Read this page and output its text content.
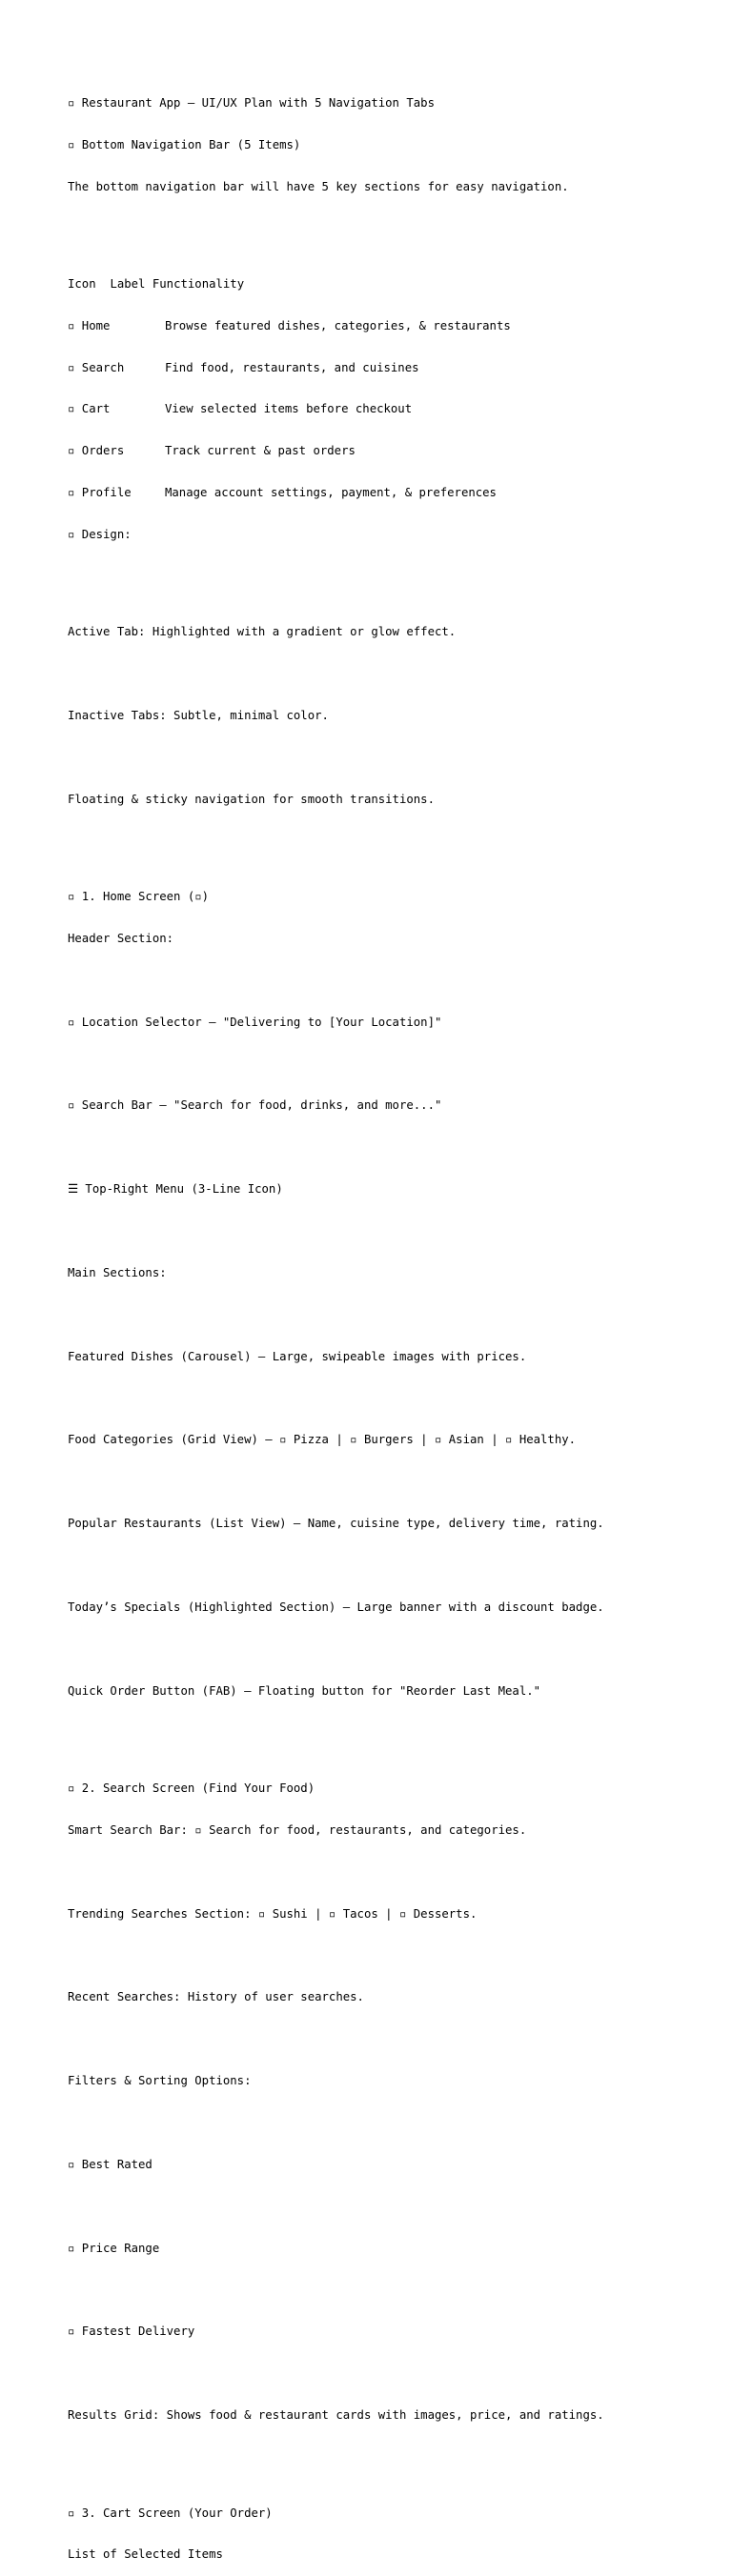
▫ Restaurant App – UI/UX Plan with 5 Navigation Tabs

▫ Bottom Navigation Bar (5 Items)

The bottom navigation bar will have 5 key sections for easy navigation.

Icon Label Functionality

▫ Home	Browse featured dishes, categories, & restaurants

▫ Search	Find food, restaurants, and cuisines

▫ Cart	View selected items before checkout

▫ Orders	Track current & past orders

▫ Profile	Manage account settings, payment, & preferences

▫ Design:

Active Tab: Highlighted with a gradient or glow effect.

Inactive Tabs: Subtle, minimal color.

Floating & sticky navigation for smooth transitions.

▫ 1. Home Screen (▫)

Header Section:

▫ Location Selector – "Delivering to [Your Location]"

▫ Search Bar – "Search for food, drinks, and more..."

☰ Top-Right Menu (3-Line Icon)

Main Sections:

Featured Dishes (Carousel) – Large, swipeable images with prices.

Food Categories (Grid View) – ▫ Pizza | ▫ Burgers | ▫ Asian | ▫ Healthy.

Popular Restaurants (List View) – Name, cuisine type, delivery time, rating.

Today’s Specials (Highlighted Section) – Large banner with a discount badge.

Quick Order Button (FAB) – Floating button for "Reorder Last Meal."

▫ 2. Search Screen (Find Your Food)

Smart Search Bar: ▫ Search for food, restaurants, and categories.

Trending Searches Section: ▫ Sushi | ▫ Tacos | ▫ Desserts.

Recent Searches: History of user searches.

Filters & Sorting Options:

▫ Best Rated

▫ Price Range

▫ Fastest Delivery

Results Grid: Shows food & restaurant cards with images, price, and ratings.

▫ 3. Cart Screen (Your Order)

List of Selected Items
